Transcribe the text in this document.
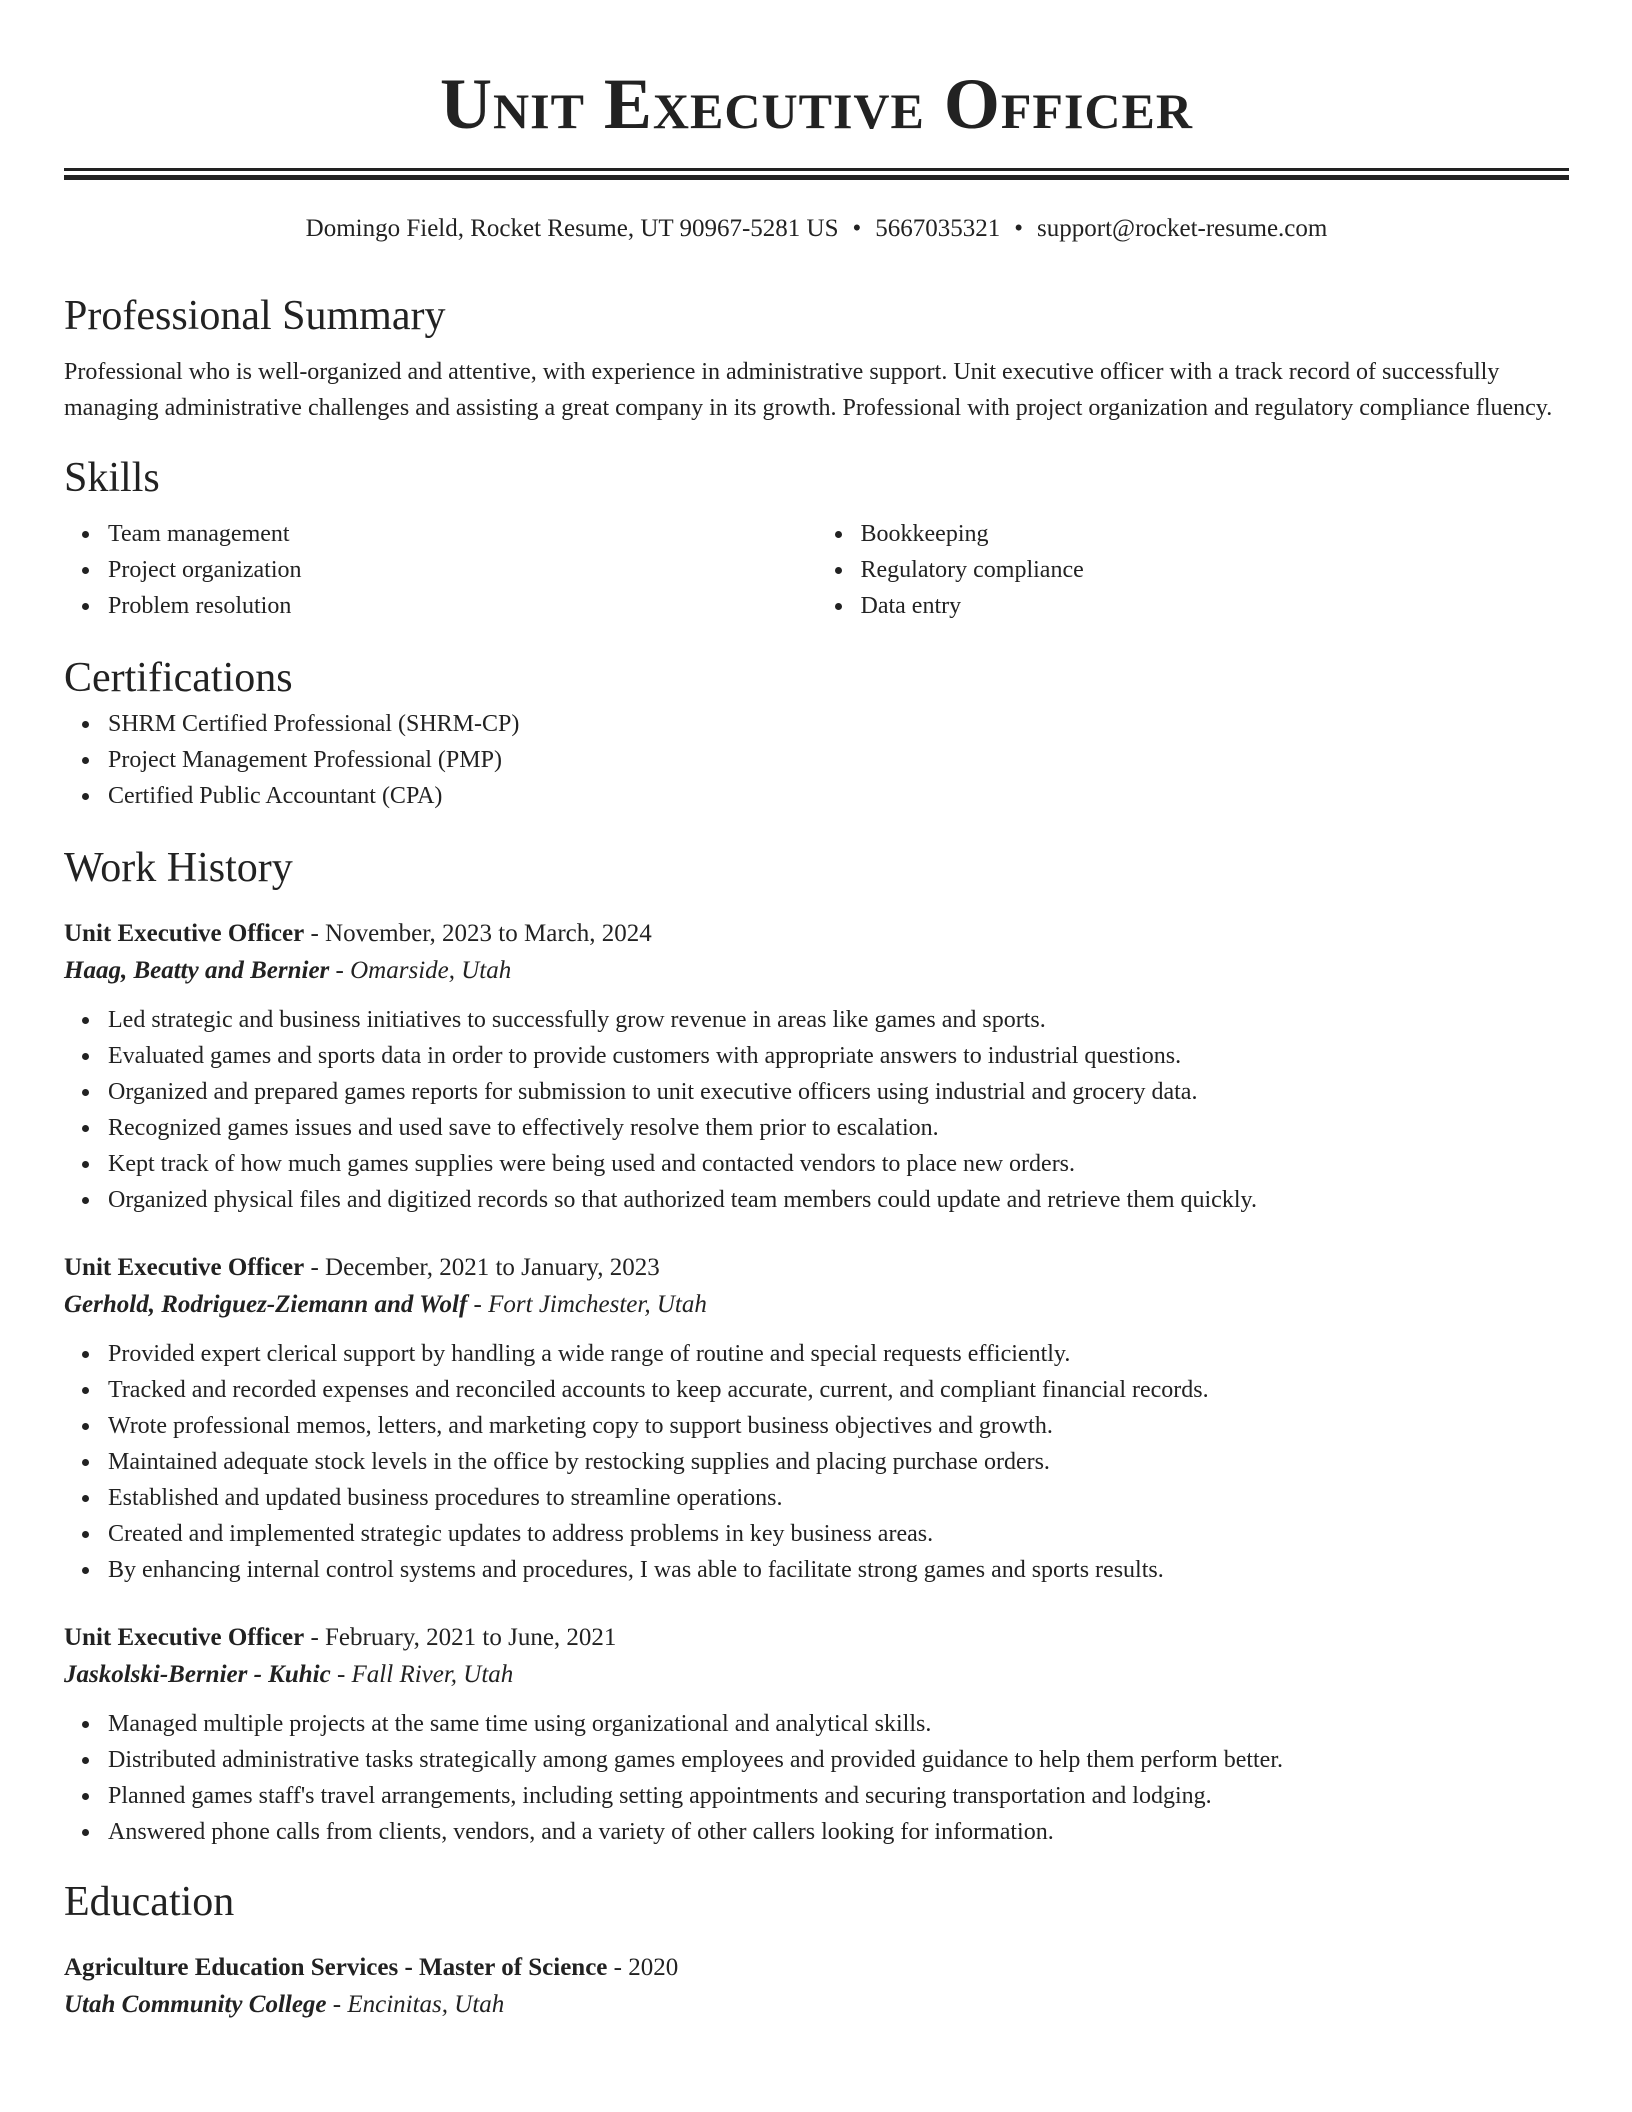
Unit Executive Officer
Domingo Field, Rocket Resume, UT 90967-5281 US • 5667035321 • support@rocket-resume.com
Professional Summary

Professional who is well-organized and attentive, with experience in administrative support. Unit executive officer with a track record of successfully managing administrative challenges and assisting a great company in its growth. Professional with project organization and regulatory compliance fluency.

Skills
Team management
Project organization
Problem resolution
Bookkeeping
Regulatory compliance
Data entry
Certifications
SHRM Certified Professional (SHRM-CP)
Project Management Professional (PMP)
Certified Public Accountant (CPA)
Work History
Unit Executive Officer - November, 2023 to March, 2024
Haag, Beatty and Bernier - Omarside, Utah
Led strategic and business initiatives to successfully grow revenue in areas like games and sports.
Evaluated games and sports data in order to provide customers with appropriate answers to industrial questions.
Organized and prepared games reports for submission to unit executive officers using industrial and grocery data.
Recognized games issues and used save to effectively resolve them prior to escalation.
Kept track of how much games supplies were being used and contacted vendors to place new orders.
Organized physical files and digitized records so that authorized team members could update and retrieve them quickly.
Unit Executive Officer - December, 2021 to January, 2023
Gerhold, Rodriguez-Ziemann and Wolf - Fort Jimchester, Utah
Provided expert clerical support by handling a wide range of routine and special requests efficiently.
Tracked and recorded expenses and reconciled accounts to keep accurate, current, and compliant financial records.
Wrote professional memos, letters, and marketing copy to support business objectives and growth.
Maintained adequate stock levels in the office by restocking supplies and placing purchase orders.
Established and updated business procedures to streamline operations.
Created and implemented strategic updates to address problems in key business areas.
By enhancing internal control systems and procedures, I was able to facilitate strong games and sports results.
Unit Executive Officer - February, 2021 to June, 2021
Jaskolski-Bernier - Kuhic - Fall River, Utah
Managed multiple projects at the same time using organizational and analytical skills.
Distributed administrative tasks strategically among games employees and provided guidance to help them perform better.
Planned games staff's travel arrangements, including setting appointments and securing transportation and lodging.
Answered phone calls from clients, vendors, and a variety of other callers looking for information.
Education
Agriculture Education Services - Master of Science - 2020
Utah Community College - Encinitas, Utah
